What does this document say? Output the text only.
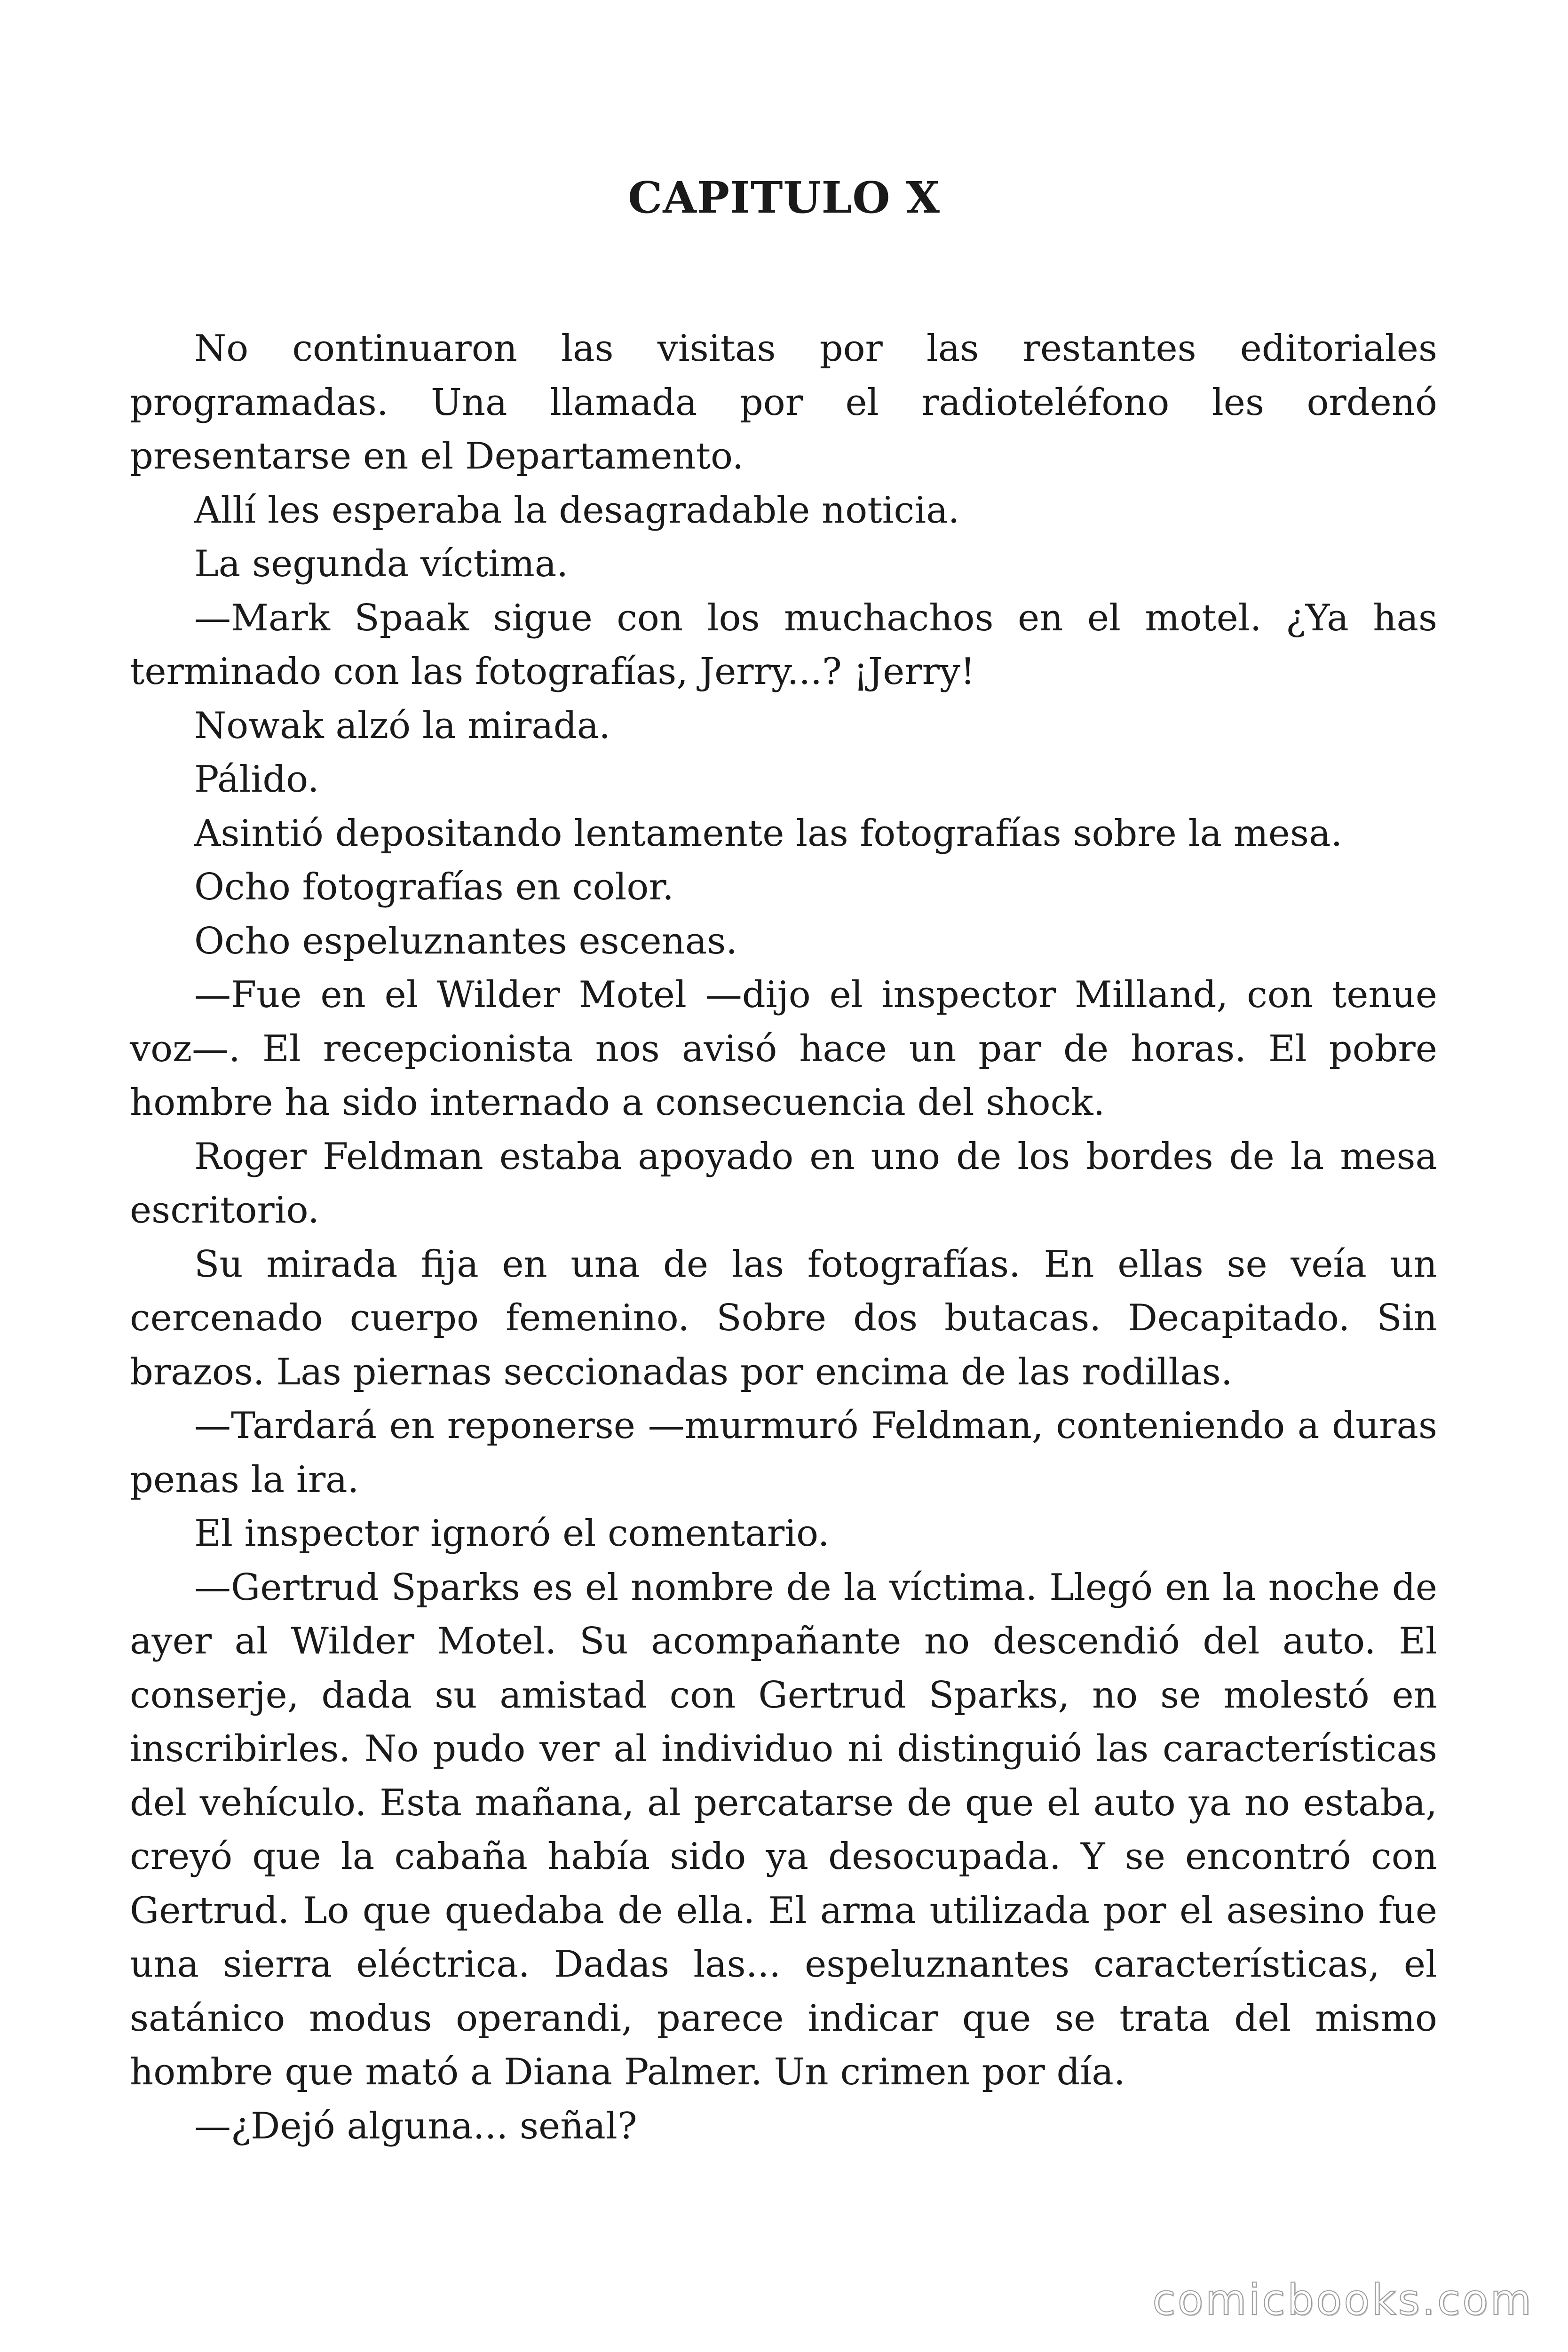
CAPITULO X

No continuaron las visitas por las restantes editoriales programadas. Una llamada por el radioteléfono les ordenó presentarse en el Departamento.

Allí les esperaba la desagradable noticia.

La segunda víctima.

—Mark Spaak sigue con los muchachos en el motel. ¿Ya has terminado con las fotografías, Jerry...? ¡Jerry!

Nowak alzó la mirada.

Pálido.

Asintió depositando lentamente las fotografías sobre la mesa.

Ocho fotografías en color.

Ocho espeluznantes escenas.

—Fue en el Wilder Motel —dijo el inspector Milland, con tenue voz—. El recepcionista nos avisó hace un par de horas. El pobre hombre ha sido internado a consecuencia del shock.

Roger Feldman estaba apoyado en uno de los bordes de la mesa escritorio.

Su mirada fija en una de las fotografías. En ellas se veía un cercenado cuerpo femenino. Sobre dos butacas. Decapitado. Sin brazos. Las piernas seccionadas por encima de las rodillas.

—Tardará en reponerse —murmuró Feldman, conteniendo a duras penas la ira.

El inspector ignoró el comentario.

—Gertrud Sparks es el nombre de la víctima. Llegó en la noche de ayer al Wilder Motel. Su acompañante no descendió del auto. El conserje, dada su amistad con Gertrud Sparks, no se molestó en inscribirles. No pudo ver al individuo ni distinguió las características del vehículo. Esta mañana, al percatarse de que el auto ya no estaba, creyó que la cabaña había sido ya desocupada. Y se encontró con Gertrud. Lo que quedaba de ella. El arma utilizada por el asesino fue una sierra eléctrica. Dadas las... espeluznantes características, el satánico modus operandi, parece indicar que se trata del mismo hombre que mató a Diana Palmer. Un crimen por día.

—¿Dejó alguna... señal?

comicbooks.com
